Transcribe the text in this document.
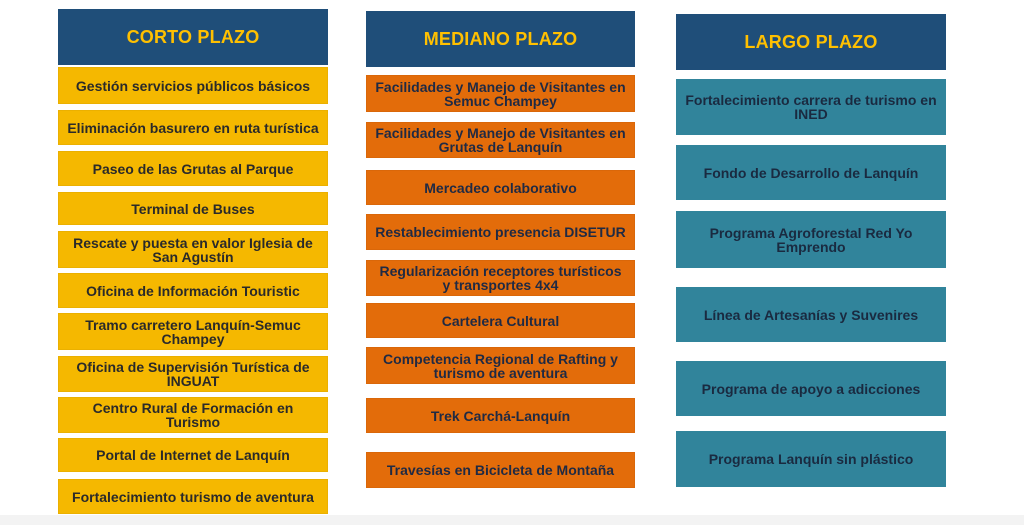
CORTO PLAZO
Gestión servicios públicos básicos
Eliminación basurero en ruta turística
Paseo de las Grutas al Parque
Terminal de Buses
Rescate y puesta en valor Iglesia de San Agustín
Oficina de Información Touristic
Tramo carretero Lanquín-Semuc Champey
Oficina de Supervisión Turística de INGUAT
Centro Rural de Formación en Turismo
Portal de Internet de Lanquín
Fortalecimiento turismo de aventura
MEDIANO PLAZO
Facilidades y Manejo de Visitantes en Semuc Champey
Facilidades y Manejo de Visitantes en Grutas de Lanquín
Mercadeo colaborativo
Restablecimiento presencia DISETUR
Regularización receptores turísticos y transportes 4x4
Cartelera Cultural
Competencia Regional de Rafting y turismo de aventura
Trek Carchá-Lanquín
Travesías en Bicicleta de Montaña
LARGO PLAZO
Fortalecimiento carrera de turismo en INED
Fondo de Desarrollo de Lanquín
Programa Agroforestal Red Yo Emprendo
Línea de Artesanías y Suvenires
Programa de apoyo a adicciones
Programa Lanquín sin plástico
